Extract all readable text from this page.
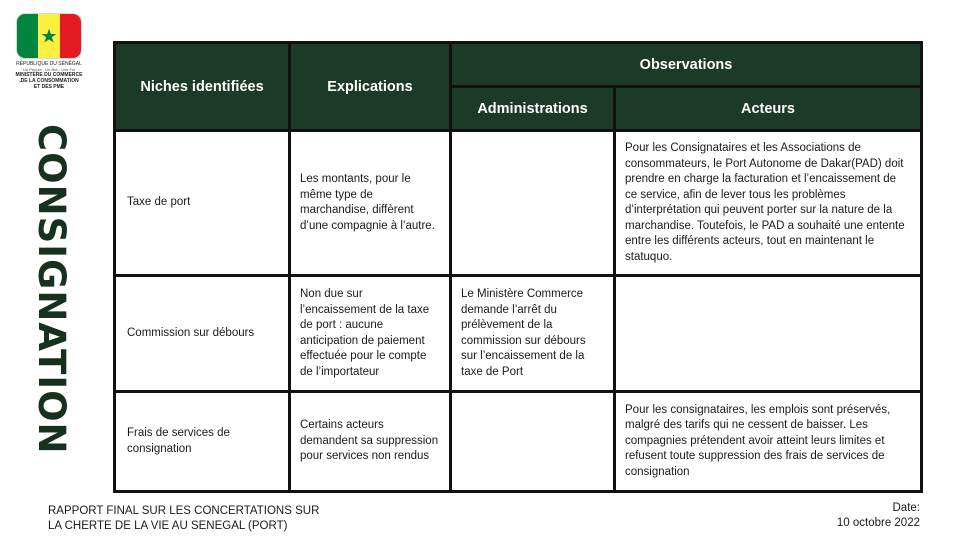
RÉPUBLIQUE DU SÉNÉGAL
Un Peuple - Un But - Une Foi
MINISTÈRE DU COMMERCE
,DE LA CONSOMMATION
ET DES PME
CONSIGNATION
Niches identifiées	Explications	Observations	
		Administrations	Acteurs
Taxe de port	Les montants, pour le même type de marchandise, diffèrent d’une compagnie à l’autre.		Pour les Consignataires et les Associations de consommateurs, le Port Autonome de Dakar(PAD) doit prendre en charge la facturation et l’encaissement de ce service, afin de lever tous les problèmes d’interprétation qui peuvent porter sur la nature de la marchandise. Toutefois, le PAD a souhaité une entente entre les différents acteurs, tout en maintenant le statuquo.
Commission sur débours	Non due sur l’encaissement de la taxe de port : aucune anticipation de paiement effectuée pour le compte de l’importateur	Le Ministère Commerce demande l’arrêt du prélèvement de la commission sur débours sur l’encaissement de la taxe de Port	
Frais de services de consignation	Certains acteurs demandent sa suppression pour services non rendus		Pour les consignataires, les emplois sont préservés, malgré des tarifs qui ne cessent de baisser. Les compagnies prétendent avoir atteint leurs limites et refusent toute suppression des frais de services de consignation
RAPPORT FINAL SUR LES CONCERTATIONS SUR
LA CHERTE DE LA VIE AU SENEGAL (PORT)
Date:
10 octobre 2022
